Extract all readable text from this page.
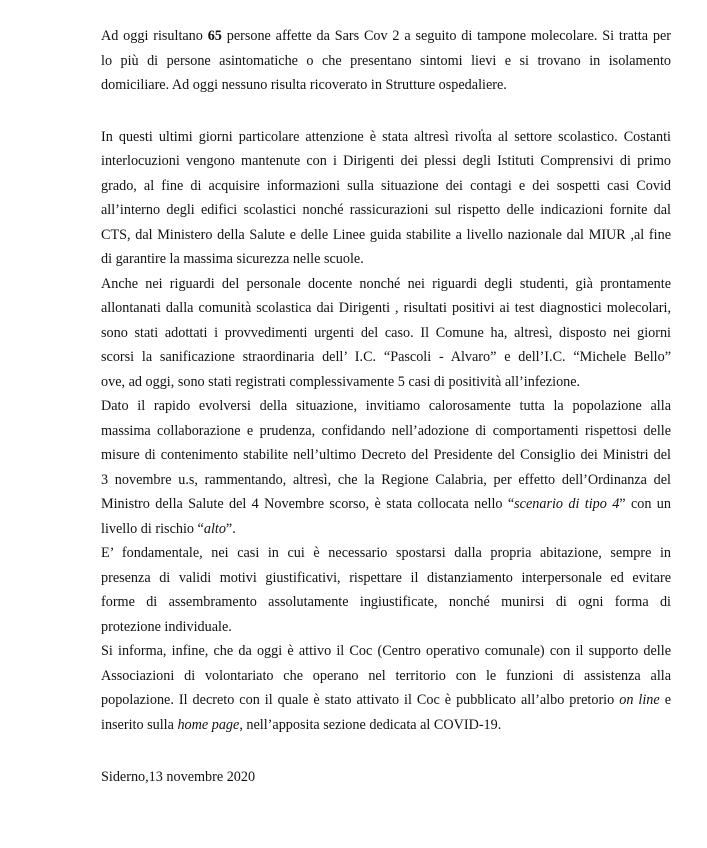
Ad oggi risultano 65 persone affette da Sars Cov 2 a seguito di tampone molecolare. Si tratta per
lo più di persone asintomatiche o che presentano sintomi lievi e si trovano in isolamento
domiciliare. Ad oggi nessuno risulta ricoverato in Strutture ospedaliere.

In questi ultimi giorni particolare attenzione è stata altresì rivolta al settore scolastico. Costanti
interlocuzioni vengono mantenute con i Dirigenti dei plessi degli Istituti Comprensivi di primo
grado, al fine di acquisire informazioni sulla situazione dei contagi e dei sospetti casi Covid
all’interno degli edifici scolastici nonché rassicurazioni sul rispetto delle indicazioni fornite dal
CTS, dal Ministero della Salute e delle Linee guida stabilite a livello nazionale dal MIUR ,al fine
di garantire la massima sicurezza nelle scuole.

Anche nei riguardi del personale docente nonché nei riguardi degli studenti, già prontamente
allontanati dalla comunità scolastica dai Dirigenti , risultati positivi ai test diagnostici molecolari,
sono stati adottati i provvedimenti urgenti del caso. Il Comune ha, altresì, disposto nei giorni
scorsi la sanificazione straordinaria dell’ I.C. “Pascoli - Alvaro” e dell’I.C. “Michele Bello”
ove, ad oggi, sono stati registrati complessivamente 5 casi di positività all’infezione.

Dato il rapido evolversi della situazione, invitiamo calorosamente tutta la popolazione alla
massima collaborazione e prudenza, confidando nell’adozione di comportamenti rispettosi delle
misure di contenimento stabilite nell’ultimo Decreto del Presidente del Consiglio dei Ministri del
3 novembre u.s, rammentando, altresì, che la Regione Calabria, per effetto dell’Ordinanza del
Ministro della Salute del 4 Novembre scorso, è stata collocata nello “scenario di tipo 4” con un
livello di rischio “alto”.

E’ fondamentale, nei casi in cui è necessario spostarsi dalla propria abitazione, sempre in
presenza di validi motivi giustificativi, rispettare il distanziamento interpersonale ed evitare
forme di assembramento assolutamente ingiustificate, nonché munirsi di ogni forma di
protezione individuale.

Si informa, infine, che da oggi è attivo il Coc (Centro operativo comunale) con il supporto delle
Associazioni di volontariato che operano nel territorio con le funzioni di assistenza alla
popolazione. Il decreto con il quale è stato attivato il Coc è pubblicato all’albo pretorio on line e
inserito sulla home page, nell’apposita sezione dedicata al COVID-19.

Siderno,13 novembre 2020
